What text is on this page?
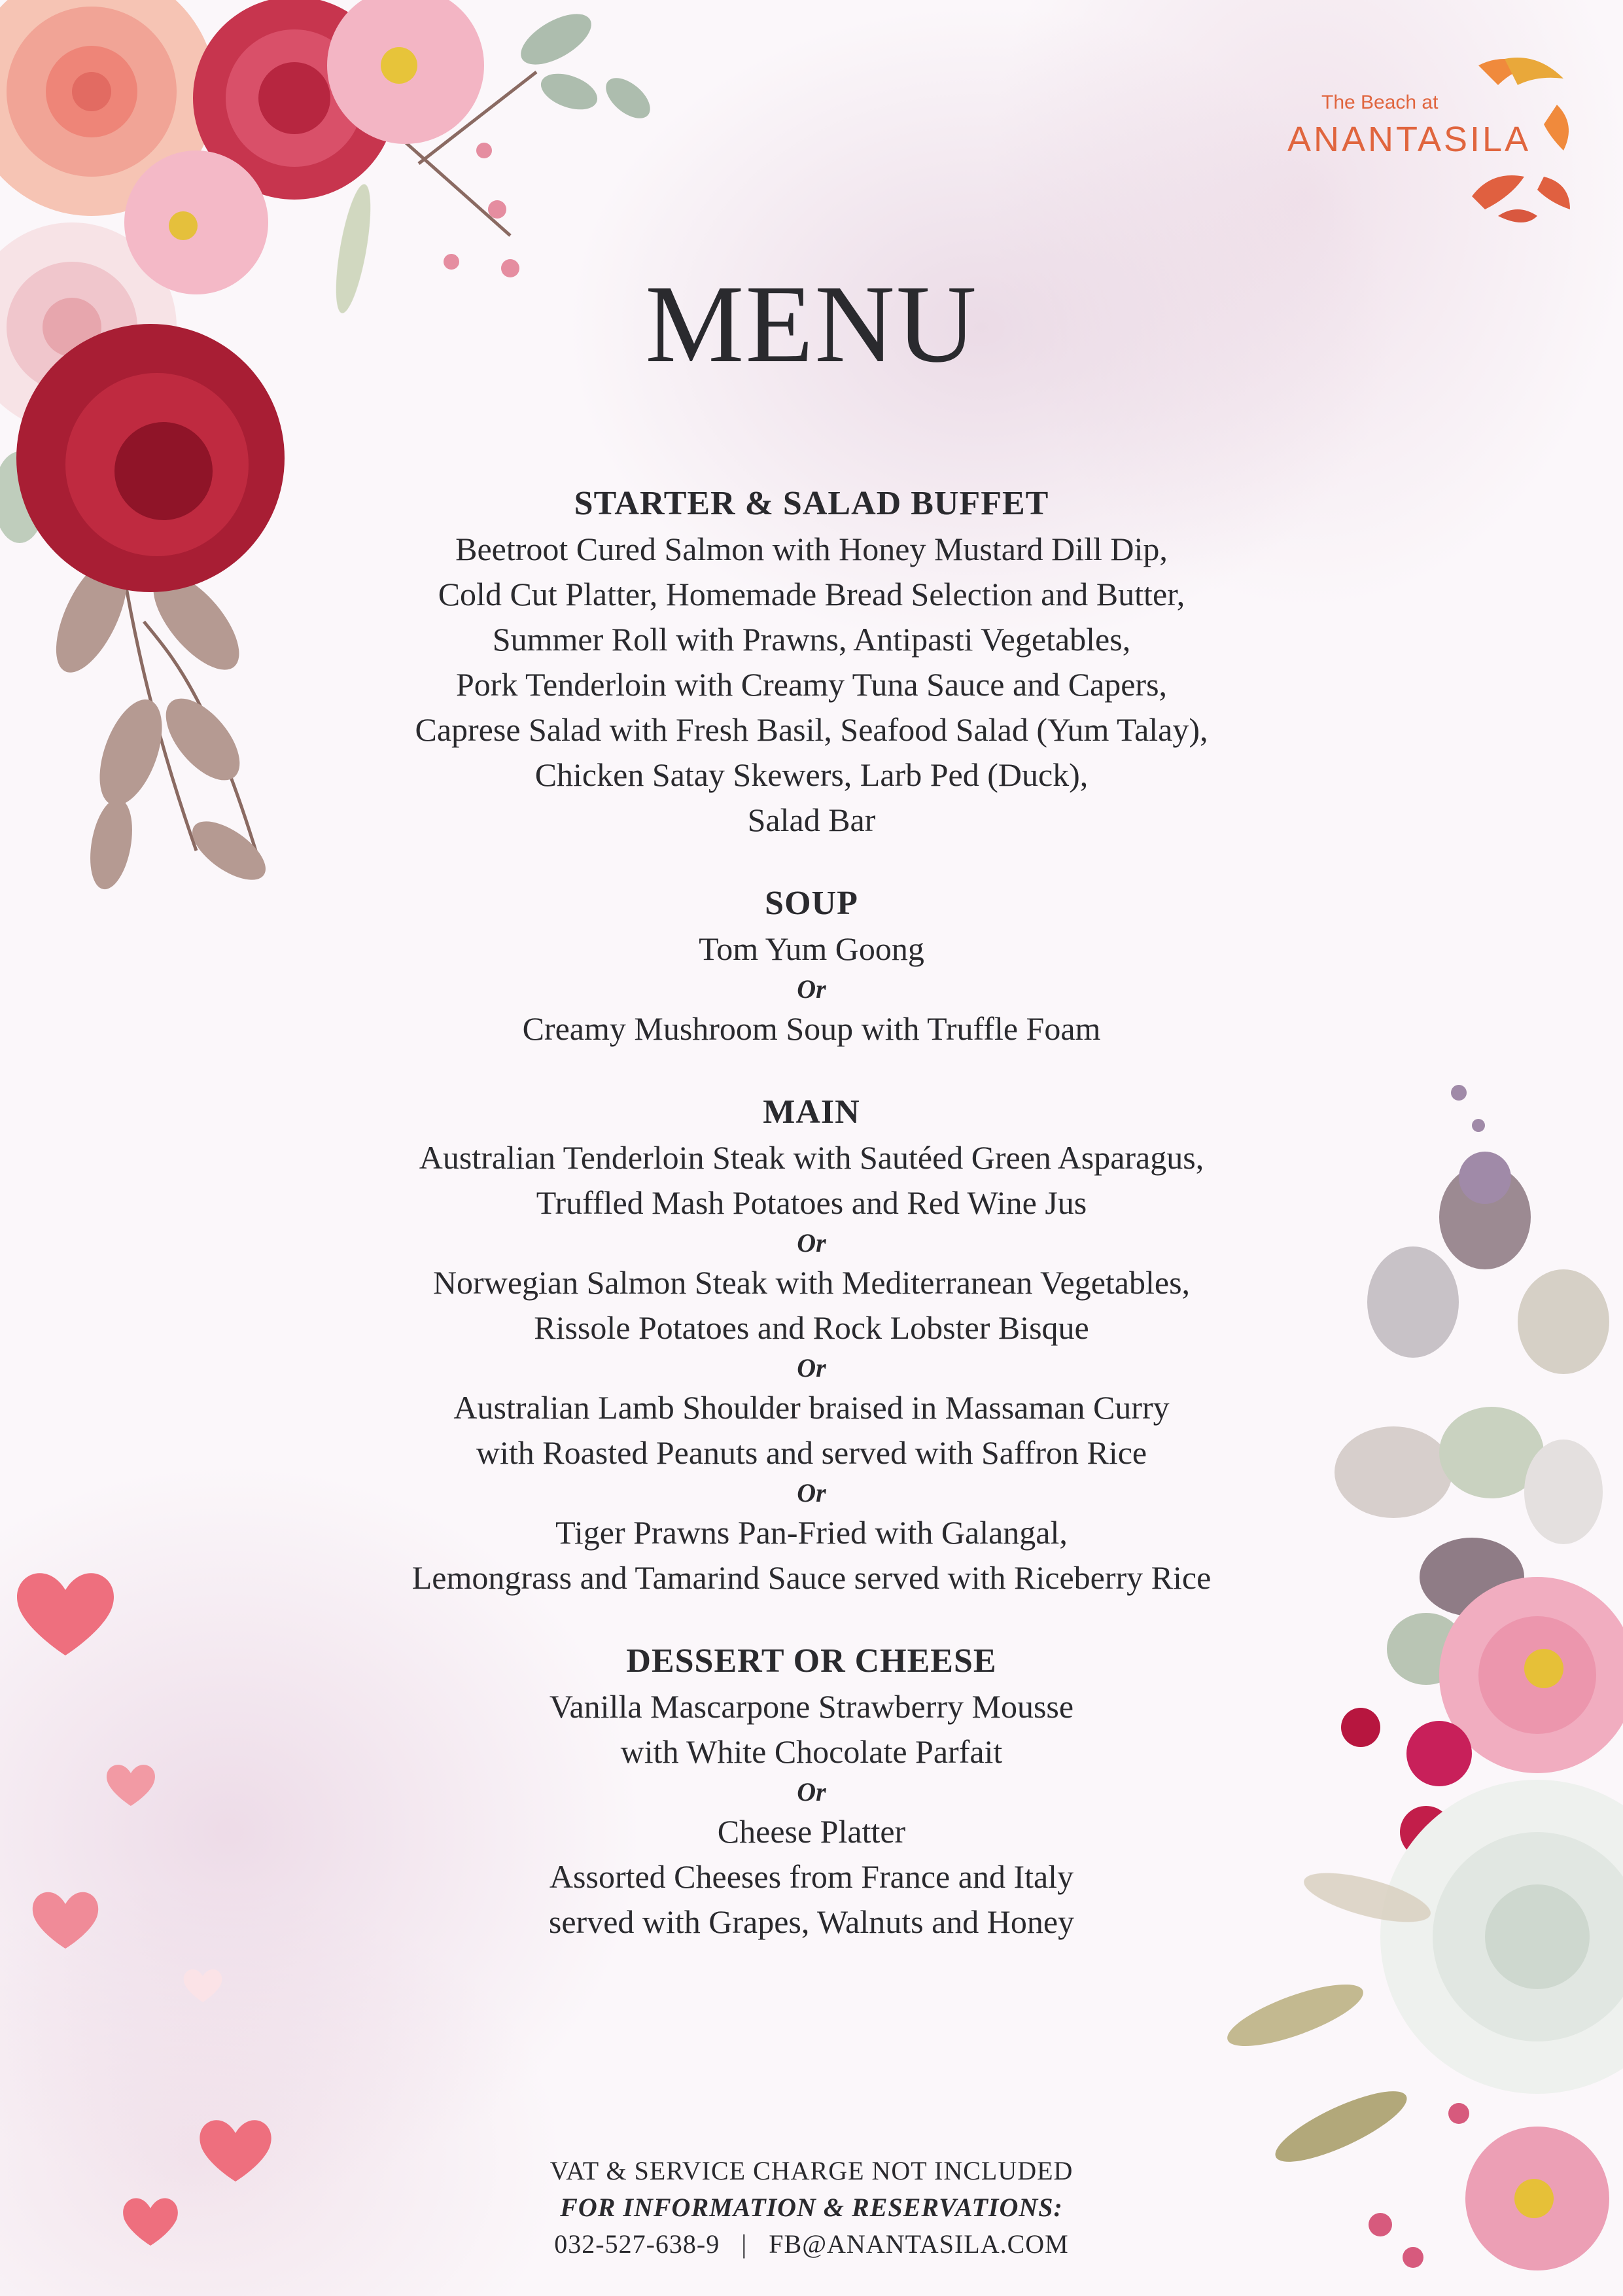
The Beach at
ANANTASILA
MENU
STARTER & SALAD BUFFET
Beetroot Cured Salmon with Honey Mustard Dill Dip,
Cold Cut Platter, Homemade Bread Selection and Butter,
Summer Roll with Prawns, Antipasti Vegetables,
Pork Tenderloin with Creamy Tuna Sauce and Capers,
Caprese Salad with Fresh Basil, Seafood Salad (Yum Talay),
Chicken Satay Skewers, Larb Ped (Duck),
Salad Bar
SOUP
Tom Yum Goong
Or
Creamy Mushroom Soup with Truffle Foam
MAIN
Australian Tenderloin Steak with Sautéed Green Asparagus,
Truffled Mash Potatoes and Red Wine Jus
Or
Norwegian Salmon Steak with Mediterranean Vegetables,
Rissole Potatoes and Rock Lobster Bisque
Or
Australian Lamb Shoulder braised in Massaman Curry
with Roasted Peanuts and served with Saffron Rice
Or
Tiger Prawns Pan-Fried with Galangal,
Lemongrass and Tamarind Sauce served with Riceberry Rice
DESSERT OR CHEESE
Vanilla Mascarpone Strawberry Mousse
with White Chocolate Parfait
Or
Cheese Platter
Assorted Cheeses from France and Italy
served with Grapes, Walnuts and Honey
VAT & SERVICE CHARGE NOT INCLUDED
FOR INFORMATION & RESERVATIONS:
032-527-638-9 | FB@ANANTASILA.COM
